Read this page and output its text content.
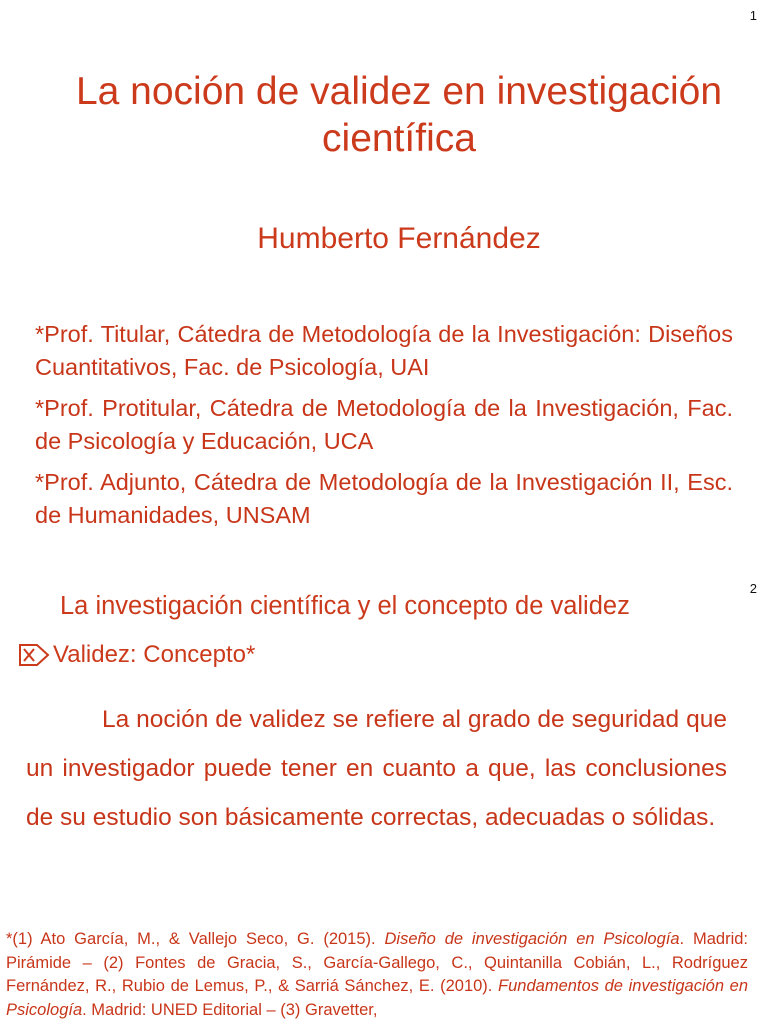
1
La noción de validez en investigación científica
Humberto Fernández

*Prof. Titular, Cátedra de Metodología de la Investigación: Diseños Cuantitativos, Fac. de Psicología, UAI

*Prof. Protitular, Cátedra de Metodología de la Investigación, Fac. de Psicología y Educación, UCA

*Prof. Adjunto, Cátedra de Metodología de la Investigación II, Esc. de Humanidades, UNSAM

2
La investigación científica y el concepto de validez
Validez: Concepto*
La noción de validez se refiere al grado de seguridad que un investigador puede tener en cuanto a que, las conclusiones de su estudio son básicamente correctas, adecuadas o sólidas.
*(1) Ato García, M., & Vallejo Seco, G. (2015). Diseño de investigación en Psicología. Madrid: Pirámide – (2) Fontes de Gracia, S., García-Gallego, C., Quintanilla Cobián, L., Rodríguez Fernández, R., Rubio de Lemus, P., & Sarriá Sánchez, E. (2010). Fundamentos de investigación en Psicología. Madrid: UNED Editorial – (3) Gravetter,
